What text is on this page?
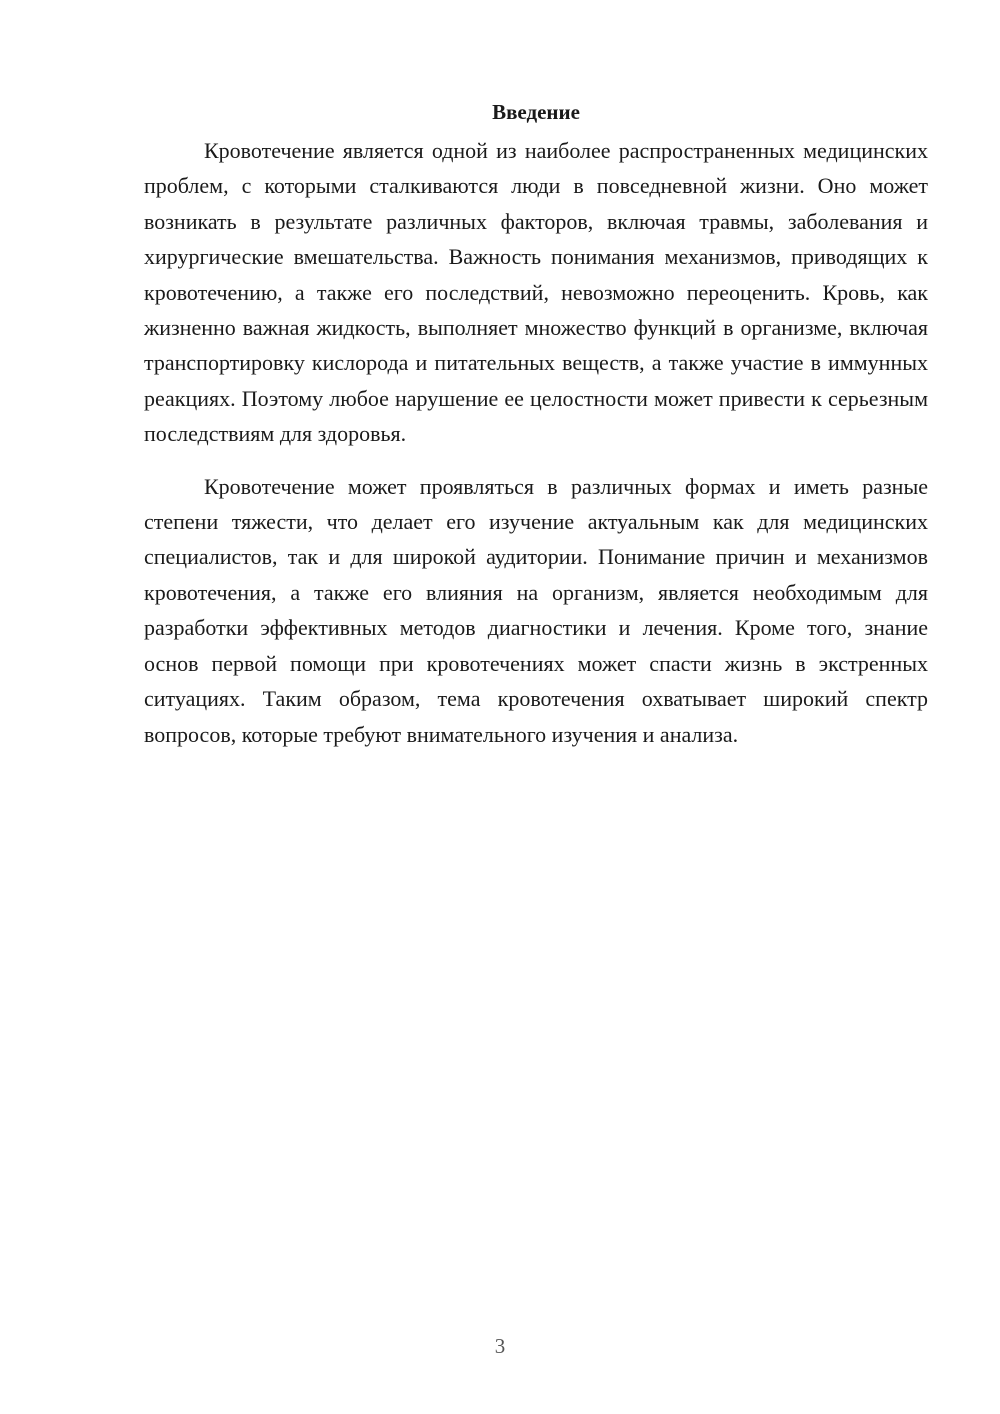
Введение

Кровотечение является одной из наиболее распространенных медицинских проблем, с которыми сталкиваются люди в повседневной жизни. Оно может возникать в результате различных факторов, включая травмы, заболевания и хирургические вмешательства. Важность понимания механизмов, приводящих к кровотечению, а также его последствий, невозможно переоценить. Кровь, как жизненно важная жидкость, выполняет множество функций в организме, включая транспортировку кислорода и питательных веществ, а также участие в иммунных реакциях. Поэтому любое нарушение ее целостности может привести к серьезным последствиям для здоровья.

Кровотечение может проявляться в различных формах и иметь разные степени тяжести, что делает его изучение актуальным как для медицинских специалистов, так и для широкой аудитории. Понимание причин и механизмов кровотечения, а также его влияния на организм, является необходимым для разработки эффективных методов диагностики и лечения. Кроме того, знание основ первой помощи при кровотечениях может спасти жизнь в экстренных ситуациях. Таким образом, тема кровотечения охватывает широкий спектр вопросов, которые требуют внимательного изучения и анализа.

3
